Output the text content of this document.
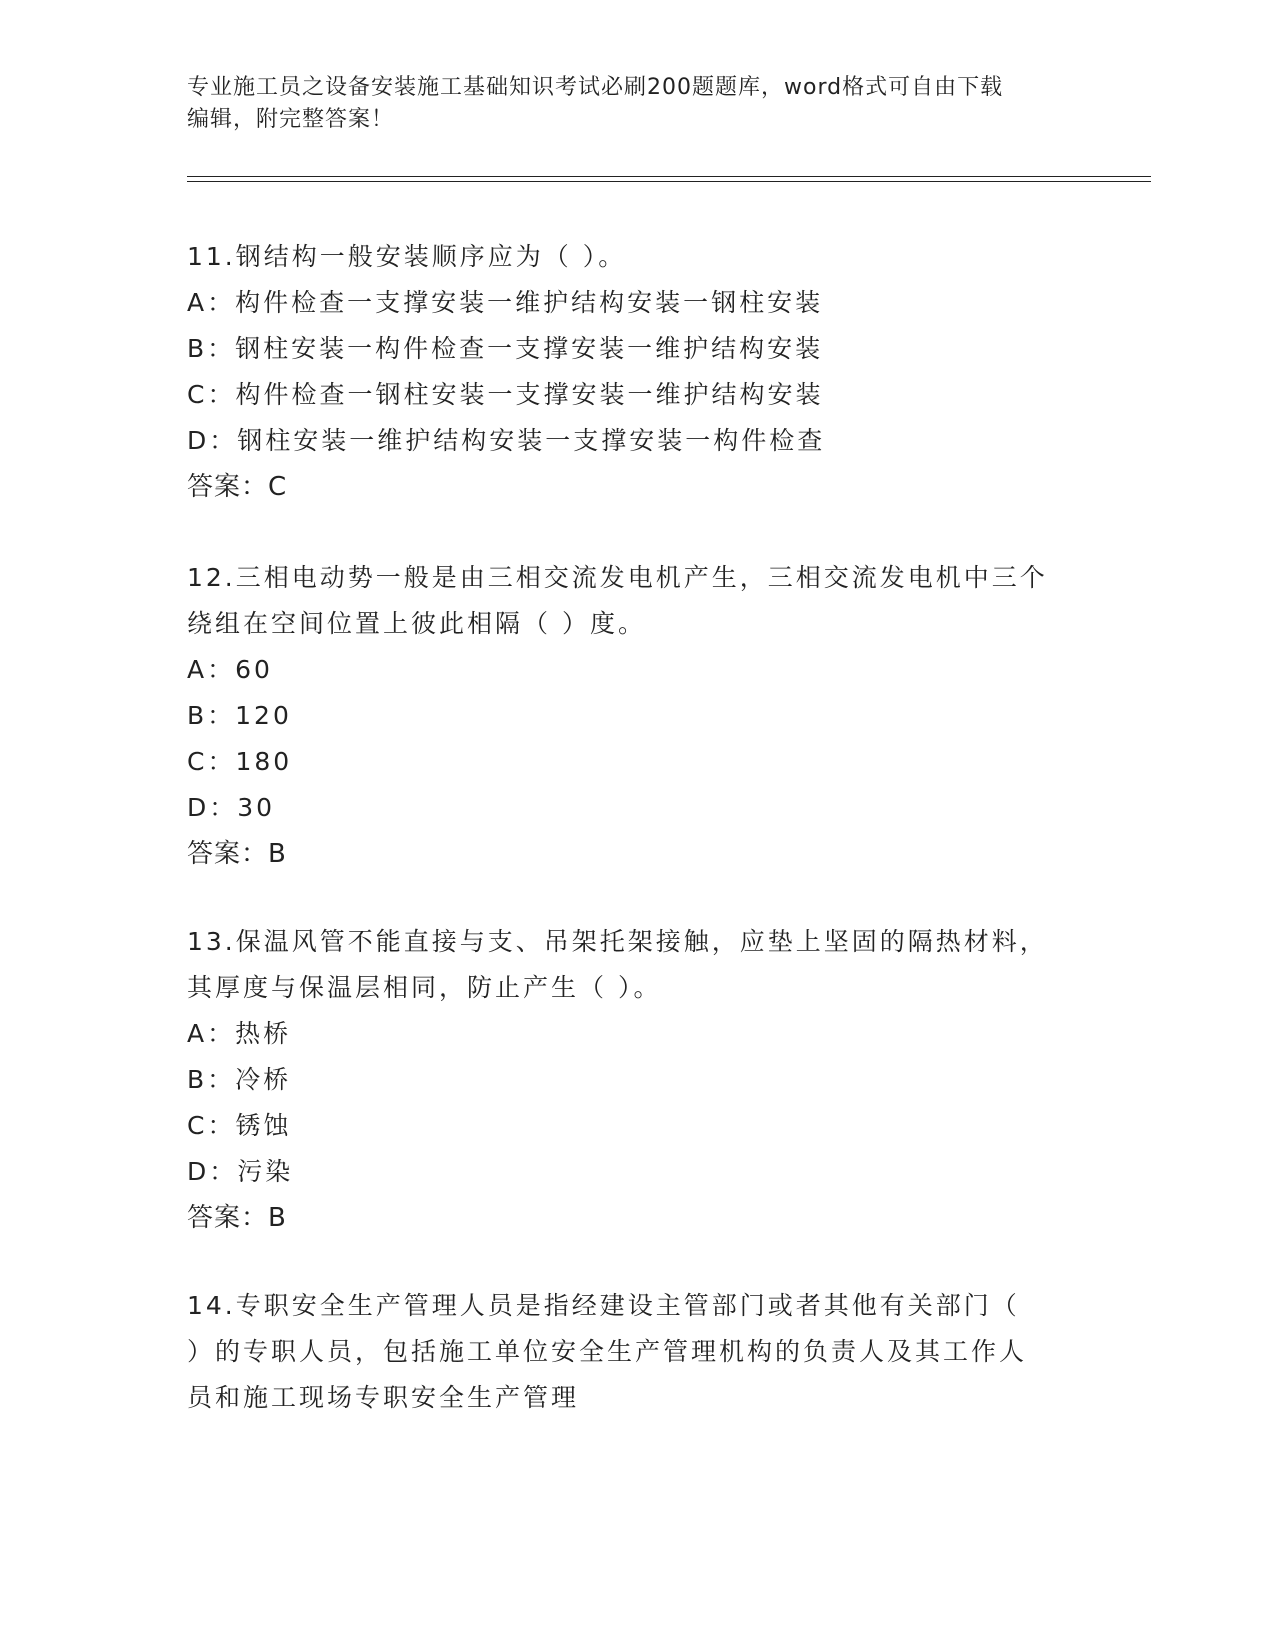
专业施工员之设备安装施工基础知识考试必刷200题题库，word格式可自由下载
编辑，附完整答案！
11.钢结构一般安装顺序应为（ ）。
A：构件检查一支撑安装一维护结构安装一钢柱安装
B：钢柱安装一构件检查一支撑安装一维护结构安装
C：构件检查一钢柱安装一支撑安装一维护结构安装
D：钢柱安装一维护结构安装一支撑安装一构件检查
答案：C
12.三相电动势一般是由三相交流发电机产生，三相交流发电机中三个
绕组在空间位置上彼此相隔（ ）度。
A：60
B：120
C：180
D：30
答案：B
13.保温风管不能直接与支、吊架托架接触，应垫上坚固的隔热材料，
其厚度与保温层相同，防止产生（ ）。
A：热桥
B：冷桥
C：锈蚀
D：污染
答案：B
14.专职安全生产管理人员是指经建设主管部门或者其他有关部门（
）的专职人员，包括施工单位安全生产管理机构的负责人及其工作人
员和施工现场专职安全生产管理
